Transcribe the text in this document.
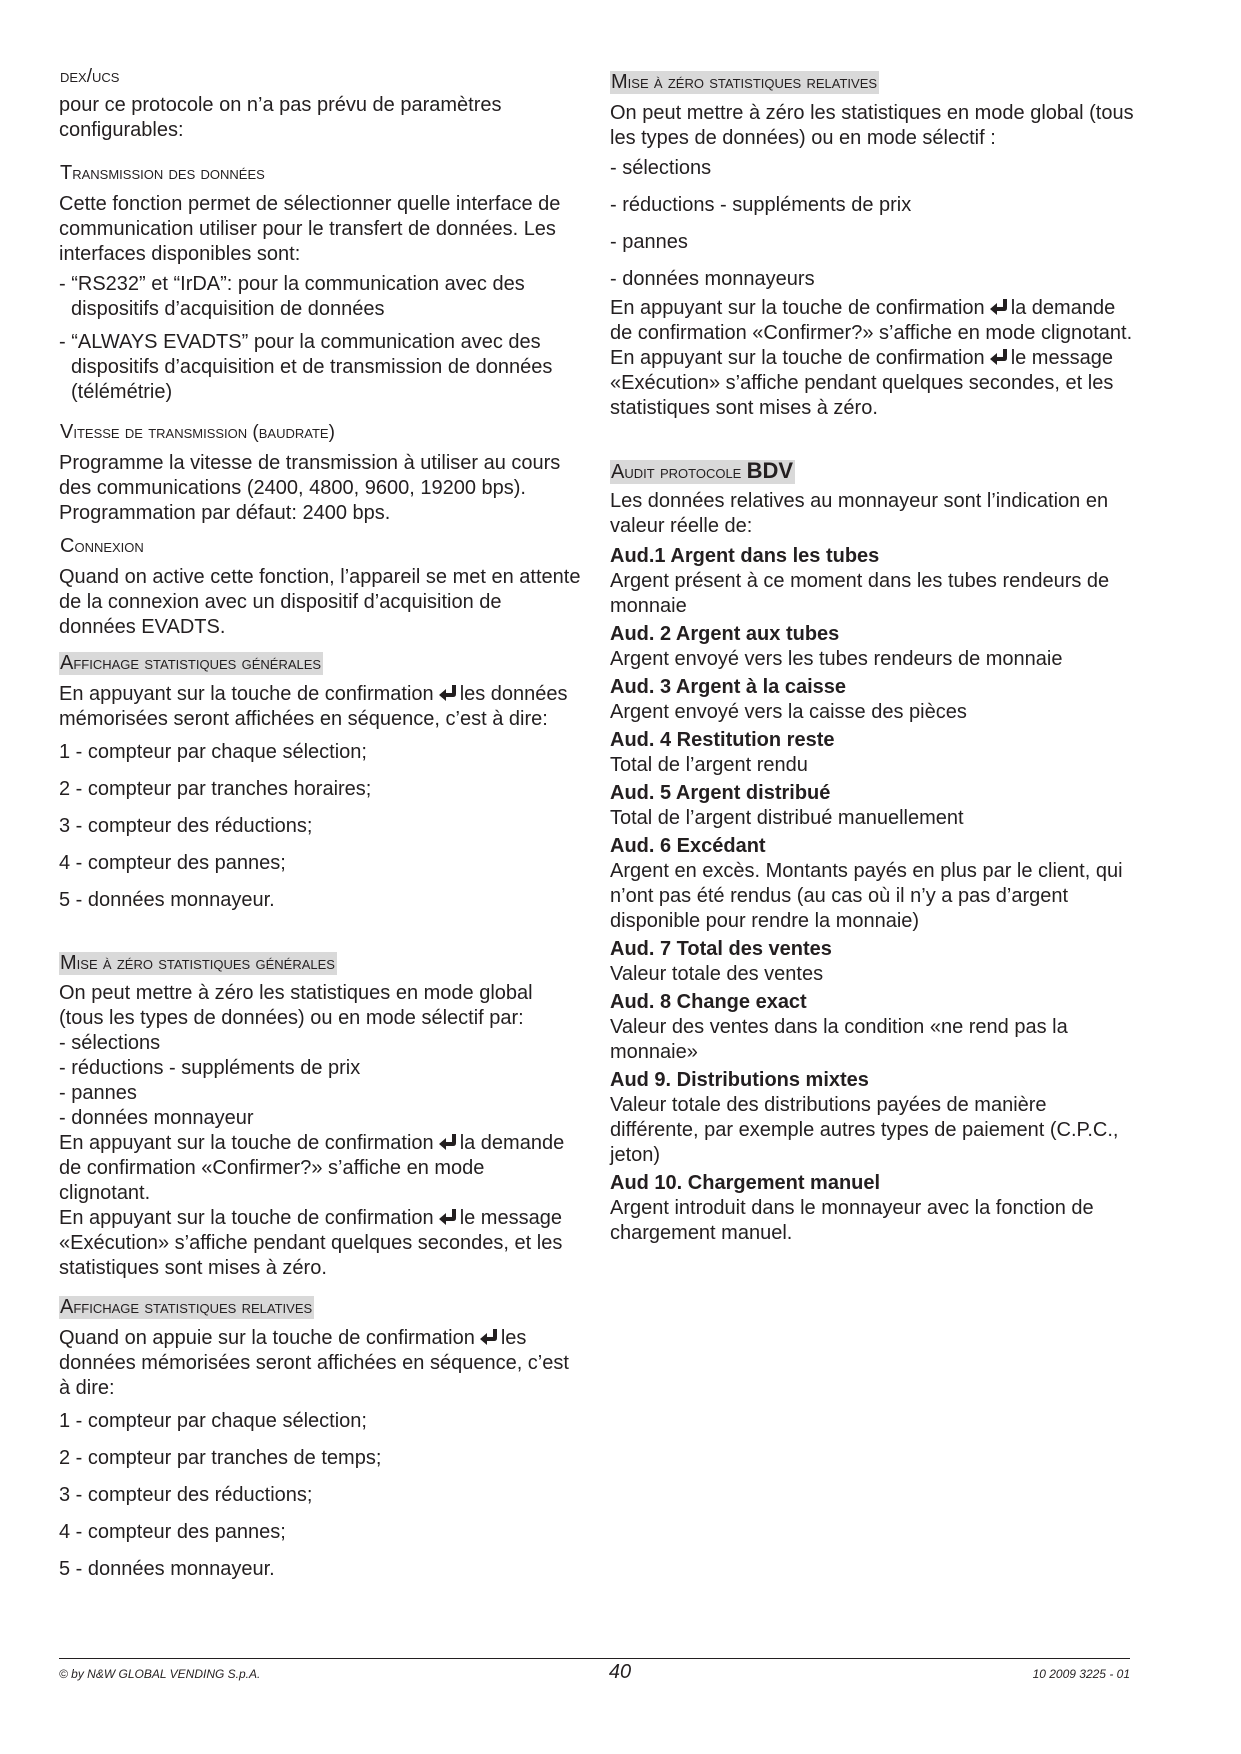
dex/ucs

pour ce protocole on n’a pas prévu de paramètres configurables:

Transmission des données

Cette fonction permet de sélectionner quelle interface de communication utiliser pour le transfert de données. Les interfaces disponibles sont:

- “RS232” et “IrDA”: pour la communication avec des dispositifs d’acquisition de données

- “ALWAYS EVADTS” pour la communication avec des dispositifs d’acquisition et de transmission de données (télémétrie)

Vitesse de transmission (baudrate)

Programme la vitesse de transmission à utiliser au cours des communications (2400, 4800, 9600, 19200 bps). Programmation par défaut: 2400 bps.

Connexion

Quand on active cette fonction, l’appareil se met en attente de la connexion avec un dispositif d’acquisition de données EVADTS.

Affichage statistiques générales

En appuyant sur la touche de confirmation les données mémorisées seront affichées en séquence, c’est à dire:

1 - compteur par chaque sélection;

2 - compteur par tranches horaires;

3 - compteur des réductions;

4 - compteur des pannes;

5 - données monnayeur.

Mise à zéro statistiques générales

On peut mettre à zéro les statistiques en mode global (tous les types de données) ou en mode sélectif par:

- sélections

- réductions - suppléments de prix

- pannes

- données monnayeur

En appuyant sur la touche de confirmation la demande de confirmation «Confirmer?» s’affiche en mode clignotant.

En appuyant sur la touche de confirmation le message «Exécution» s’affiche pendant quelques secondes, et les statistiques sont mises à zéro.

Affichage statistiques relatives

Quand on appuie sur la touche de confirmation les données mémorisées seront affichées en séquence, c’est à dire:

1 - compteur par chaque sélection;

2 - compteur par tranches de temps;

3 - compteur des réductions;

4 - compteur des pannes;

5 - données monnayeur.

Mise à zéro statistiques relatives

On peut mettre à zéro les statistiques en mode global (tous les types de données) ou en mode sélectif :

- sélections

- réductions - suppléments de prix

- pannes

- données monnayeurs

En appuyant sur la touche de confirmation la demande de confirmation «Confirmer?» s’affiche en mode clignotant.

En appuyant sur la touche de confirmation le message «Exécution» s’affiche pendant quelques secondes, et les statistiques sont mises à zéro.

Audit protocole BDV

Les données relatives au monnayeur sont l’indication en valeur réelle de:

Aud.1 Argent dans les tubes

Argent présent à ce moment dans les tubes rendeurs de monnaie

Aud. 2 Argent aux tubes

Argent envoyé vers les tubes rendeurs de monnaie

Aud. 3 Argent à la caisse

Argent envoyé vers la caisse des pièces

Aud. 4 Restitution reste

Total de l’argent rendu

Aud. 5 Argent distribué

Total de l’argent distribué manuellement

Aud. 6 Excédant

Argent en excès. Montants payés en plus par le client, qui n’ont pas été rendus (au cas où il n’y a pas d’argent disponible pour rendre la monnaie)

Aud. 7 Total des ventes

Valeur totale des ventes

Aud. 8 Change exact

Valeur des ventes dans la condition «ne rend pas la monnaie»

Aud 9. Distributions mixtes

Valeur totale des distributions payées de manière différente, par exemple autres types de paiement (C.P.C., jeton)

Aud 10. Chargement manuel

Argent introduit dans le monnayeur avec la fonction de chargement manuel.

© by N&W GLOBAL VENDING S.p.A.	40	10 2009 3225 - 01
